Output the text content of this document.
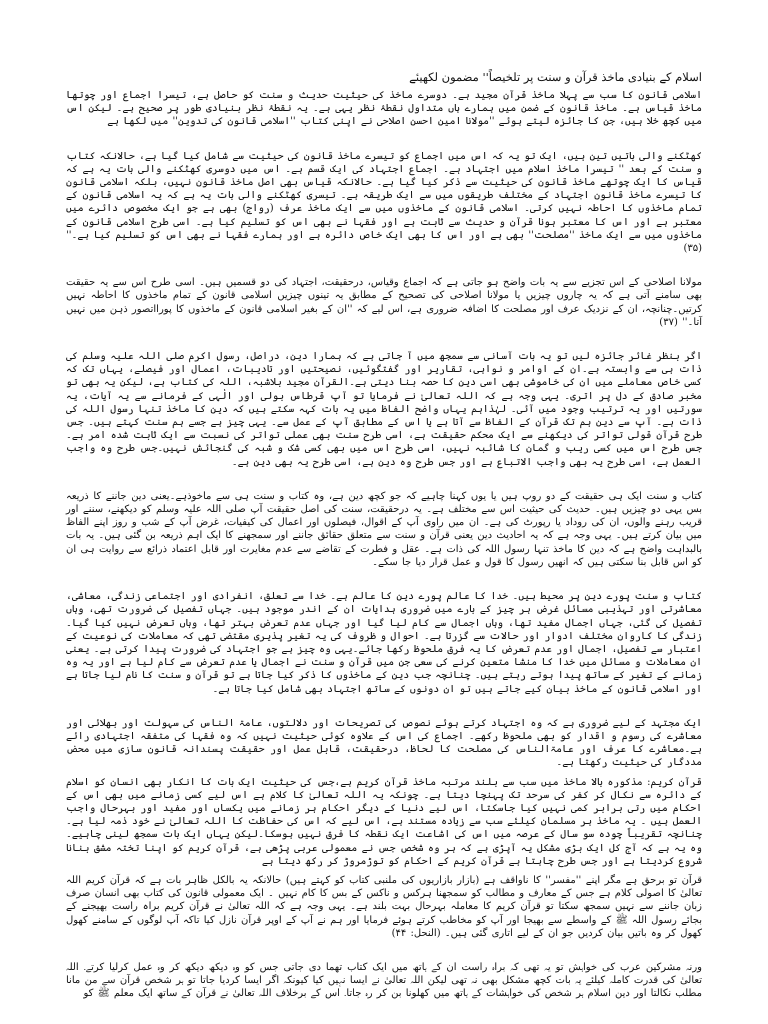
اسلام کے بنیادی ماخذ قرآن و سنت پر تلخیصاً'' مضمون لکھیئے

اسلامی قانون کا سب سے پہلا ماخذ قرآن مجید ہے۔ دوسرے ماخذ کی حیثیت حدیث و سنت کو حاصل ہے، تیسرا اجماع اور چوتھا ماخذ قیاس ہے۔ ماخذ قانون کے ضمن میں ہمارے ہاں متداول نقطۂ نظر یہی ہے۔ یہ نقطۂ نظر بنیادی طور پر صحیح ہے۔ لیکن اس میں کچھ خلا ہیں، جن کا جائزہ لیتے ہوئے ''مولانا امین احسن اصلاحی نے اپنی کتاب ''اسلامی قانون کی تدوین'' میں لکھا ہے

کھٹکنے والی باتیں تین ہیں، ایک تو یہ کہ اس میں اجماع کو تیسرے ماخذ قانون کی حیثیت سے شامل کیا گیا ہے، حالانکہ کتاب و سنت کے بعد '' تیسرا ماخذ اسلام میں اجتہاد ہے۔ اجماع اجتہاد کی ایک قسم ہے۔ اس میں دوسری کھٹکنے والی بات یہ ہے کہ قیاس کا ایک چوتھے ماخذ قانون کی حیثیت سے ذکر کیا گیا ہے۔ حالانکہ قیاس بھی اصل ماخذ قانون نہیں، بلکہ اسلامی قانون کا تیسرے ماخذ قانون اجتہاد کے مختلف طریقوں میں سے ایک طریقہ ہے۔ تیسری کھٹکنے والی بات یہ ہے کہ یہ اسلامی قانون کے تمام ماخذوں کا احاطہ نہیں کرتی۔ اسلامی قانون کے ماخذوں میں سے ایک ماخذ عرف (رواج) بھی ہے جو ایک مخصوص دائرے میں معتبر ہے اور اس کا معتبر ہونا قرآن و حدیث سے ثابت ہے اور فقہا نے بھی اس کو تسلیم کیا ہے۔ اسی طرح اسلامی قانون کے ماخذوں میں سے ایک ماخذ ''مصلحت'' بھی ہے اور اس کا بھی ایک خاص دائرہ ہے اور ہمارے فقہا نے بھی اس کو تسلیم کیا ہے۔'' (۳۵)

مولانا اصلاحی کے اس تجزیے سے یہ بات واضح ہو جاتی ہے کہ اجماع وقیاس، درحقیقت، اجتہاد کی دو قسمیں ہیں۔ اسی طرح اس سے یہ حقیقت بھی سامنے آتی ہے کہ یہ چاروں چیزیں یا مولانا اصلاحی کی تصحیح کے مطابق یہ تینوں چیزیں اسلامی قانون کے تمام ماخذوں کا احاطہ نہیں کرتیں۔چنانچہ، ان کے نزدیک عرف اور مصلحت کا اضافہ ضروری ہے، اس لیے کہ ''ان کے بغیر اسلامی قانون کے ماخذوں کا پورااتصور ذہن میں نہیں آتا۔'' (۳۷)

اگر بنظر غائر جائزہ لیں تو یہ بات آسانی سے سمجھ میں آ جاتی ہے کہ ہمارا دین، دراصل، رسول اکرم صلی اللہ علیہ وسلم کی ذات ہی سے وابستہ ہے۔ان کے اوامر و نواہی، تقاریر اور گفتگوئیں، نصیحتیں اور تادیبات، اعمال اور فیصلے، یہاں تک کہ کسی خاص معاملے میں ان کی خاموشی بھی اسی دین کا حصہ بنا دیتی ہے۔القرآن مجید بلاشبہ، اللہ کی کتاب ہے، لیکن یہ بھی تو مخبر صادق کے دل پر اتری۔ یہی وجہ ہے کہ اللہ تعالیٰ نے فرمایا تو آپ قرطاس بولی اور الٰہی کے فرمانے سے یہ آیات، یہ سورتیں اور یہ ترتیب وجود میں آئی۔ لہٰذاہم یہاں واضح الفاظ میں یہ بات کہہ سکتے ہیں کہ دین کا ماخذ تنہا رسول اللہ کی ذات ہے۔ آپ سے دین ہم تک قرآن کے الفاظ سے آتا ہے یا اس کے مطابق آپ کے عمل سے۔ یہی چیز ہے جسے ہم سنت کہتے ہیں۔ جس طرح قرآن قولی تواتر کی دیکھنے سے ایک محکم حقیقت ہے، اسی طرح سنت بھی عملی تواتر کی نسبت سے ایک ثابت شدہ امر ہے۔ جس طرح اس میں کسی ریب و گمان کا شائبہ نہیں، اسی طرح اس میں بھی کسی شک و شبہ کی گنجائش نہیں۔جس طرح وہ واجب العمل ہے، اسی طرح یہ بھی واجب الاتباع ہے اور جس طرح وہ دین ہے، اسی طرح یہ بھی دین ہے۔

کتاب و سنت ایک ہی حقیقت کے دو روپ ہیں یا یوں کہنا چاہیے کہ جو کچھ دین ہے، وہ کتاب و سنت ہی سے ماخوذہے۔یعنی دین جاننے کا ذریعہ بس یہی دو چیزیں ہیں۔ حدیث کی حیثیت اس سے مختلف ہے۔ یہ درحقیقت، سنت کی اصل حقیقت آپ صلی اللہ علیہ وسلم کو دیکھنے، سننے اور قریب رہنے والوں، ان کی روداد یا رپورٹ کی ہے۔ ان میں راوی آپ کے اقوال، فیصلوں اور اعمال کی کیفیات، غرض آپ کے شب و روز اپنے الفاظ میں بیان کرتے ہیں۔ یہی وجہ ہے کہ یہ احادیث دین یعنی قرآن و سنت سے متعلق حقائق جاننے اور سمجھنے کا ایک اہم ذریعہ بن گئی ہیں۔ یہ بات بالبداہت واضح ہے کہ دین کا ماخذ تنہا رسول اللہ کی ذات ہے۔ عقل و فطرت کے تقاضے سے عدم مغایرت اور قابل اعتماد ذرائع سے روایت ہی ان کو اس قابل بنا سکتی ہیں کہ انھیں رسول کا قول و عمل قرار دیا جا سکے۔

کتاب و سنت پورے دین پر محیط ہیں۔ خدا کا عالم پورے دین کا عالم ہے۔ خدا سے تعلق، انفرادی اور اجتماعی زندگی، معاشی، معاشرتی اور تہذیبی مسائل غرض ہر چیز کے بارے میں ضروری ہدایات ان کے اندر موجود ہیں۔ جہاں تفصیل کی ضرورت تھی، وہاں تفصیل کی گئی، جہاں اجمال مفید تھا، وہاں اجمال سے کام لیا گیا اور جہاں عدم تعرض بہتر تھا، وہاں تعرض نہیں کیا گیا۔ زندگی کا کاروان مختلف ادوار اور حالات سے گزرتا ہے۔ احوال و ظروف کی یہ تغیر پذیری مقتضی تھی کہ معاملات کی نوعیت کے اعتبار سے تفصیل، اجمال اور عدم تعرض کا یہ فرق ملحوظ رکھا جائے۔یہی وہ چیز ہے جو اجتہاد کی ضرورت پیدا کرتی ہے۔ یعنی ان معاملات و مسائل میں خدا کا منشا متعین کرنے کی سعی جن میں قرآن و سنت نے اجمال یا عدم تعرض سے کام لیا ہے اور یہ وہ زمانے کے تغیر کے ساتھ پیدا ہوتے رہتے ہیں۔ چنانچہ جب دین کے ماخذوں کا ذکر کیا جاتا ہے تو قرآن و سنت کا نام لیا جاتا ہے اور اسلامی قانون کے ماخذ بیان کیے جاتے ہیں تو ان دونوں کے ساتھ اجتہاد بھی شامل کیا جاتا ہے۔

ایک مجتہد کے لیے ضروری ہے کہ وہ اجتہاد کرتے ہوئے نصوص کی تصریحات اور دلالتوں، عامۃ الناس کی سہولت اور بھلائی اور معاشرے کی رسوم و اقدار کو بھی ملحوظ رکھے۔ اجماع کی اس کے علاوہ کوئی حیثیت نہیں کہ وہ فقہا کی متفقہ اجتہادی رائے ہے۔معاشرے کا عرف اور عامۃالناس کی مصلحت کا لحاظ، درحقیقت، قابل عمل اور حقیقت پسندانہ قانون سازی میں محض مددگار کی حیثیت رکھتا ہے۔

قرآن کریم: مذکورہ بالا ماخذ میں سب سے بلند مرتبہ ماخذ قرآن کریم ہے،جس کی حیثیت ایک بات کا انکار بھی انسان کو اسلام کے دائرہ سے نکال کر کفر کی سرحد تک پہنچا دیتا ہے۔ چونکہ یہ اللہ تعالیٰ کا کلام ہے اس لیے کسی زمانے میں بھی اس کے احکام میں رتی برابر کمی نہیں کیا جاسکتا، اس لیے دنیا کے دیگر احکام ہر زمانے میں یکساں اور مفید اور بہرحال واجب العمل ہیں ۔ یہ ماخذ ہر مسلمان کیلئے سب سے زیادہ مستند ہے، اس لیے کہ اس کی حفاظت کا اللہ تعالیٰ نے خود ذمہ لیا ہے۔ چنانچہ تقریباً چودہ سو سال کے عرصہ میں اس کی اشاعت ایک نقطہ کا فرق نہیں ہوسکا۔لیکن یہاں ایک بات سمجھ لینی چاہیے۔ وہ یہ ہے کہ آج کل ایک بڑی مشکل یہ آپڑی ہے کہ ہر وہ شخص جس نے معمولی عربی پڑھی ہے، قرآن کریم کو اپنا تختہ مشق بنانا شروع کردیتا ہے اور جس طرح چاہتا ہے قرآن کریم کے احکام کو توڑمروڑ کر رکھ دیتا ہے

قرآن تو برحق ہے مگر اپنے ''مفسر'' کا ناواقف ہے (بازار بازاریوں کی ملنبی کتاب کو کہتے ہیں) حالانکہ یہ بالکل ظاہر بات ہے کہ قرآن کریم اللہ تعالیٰ کا اصولی کلام ہے جس کے معارف و مطالب کو سمجھنا ہرکس و ناکس کے بس کا کام نہیں ۔ ایک معمولی قانون کی کتاب بھی انسان صرف زبان جاننے سے نہیں سمجھ سکتا تو قرآن کریم کا معاملہ بہرحال بہت بلند ہے۔ یہی وجہ ہے کہ اللہ تعالیٰ نے قرآن کریم براہ راست بھیجنے کے بجائے رسول اللہ ﷺ کے واسطے سے بھیجا اور آپ کو مخاطب کرتے ہوئے فرمایا اور ہم نے آپ کے اوپر قرآن نازل کیا تاکہ آپ لوگوں کے سامنے کھول کھول کر وہ باتیں بیان کردیں جو ان کے لیے اتاری گئی ہیں۔ (النحل: ۴۴)

ورنہ مشرکین عرب کی خواہش تو یہ تھی کہ براہ راست ان کے ہاتھ میں ایک کتاب تھما دی جاتی جس کو وہ دیکھ دیکھ کر وہ عمل کرلیا کرتے۔ اللہ تعالیٰ کی قدرت کاملہ کیلئے یہ بات کچھ مشکل بھی نہ تھی لیکن اللہ تعالیٰ نے ایسا نہیں کیا کیونکہ اگر ایسا کردیا جاتا تو ہر شخص قرآن سے من مانا مطلب نکالتا اور دین اسلام ہر شخص کی خواہشات کے ہاتھ میں کھلونا بن کر رہ جاتا۔ اس کے برخلاف اللہ تعالیٰ نے قرآن کے ساتھ ایک معلم ﷺ کو
